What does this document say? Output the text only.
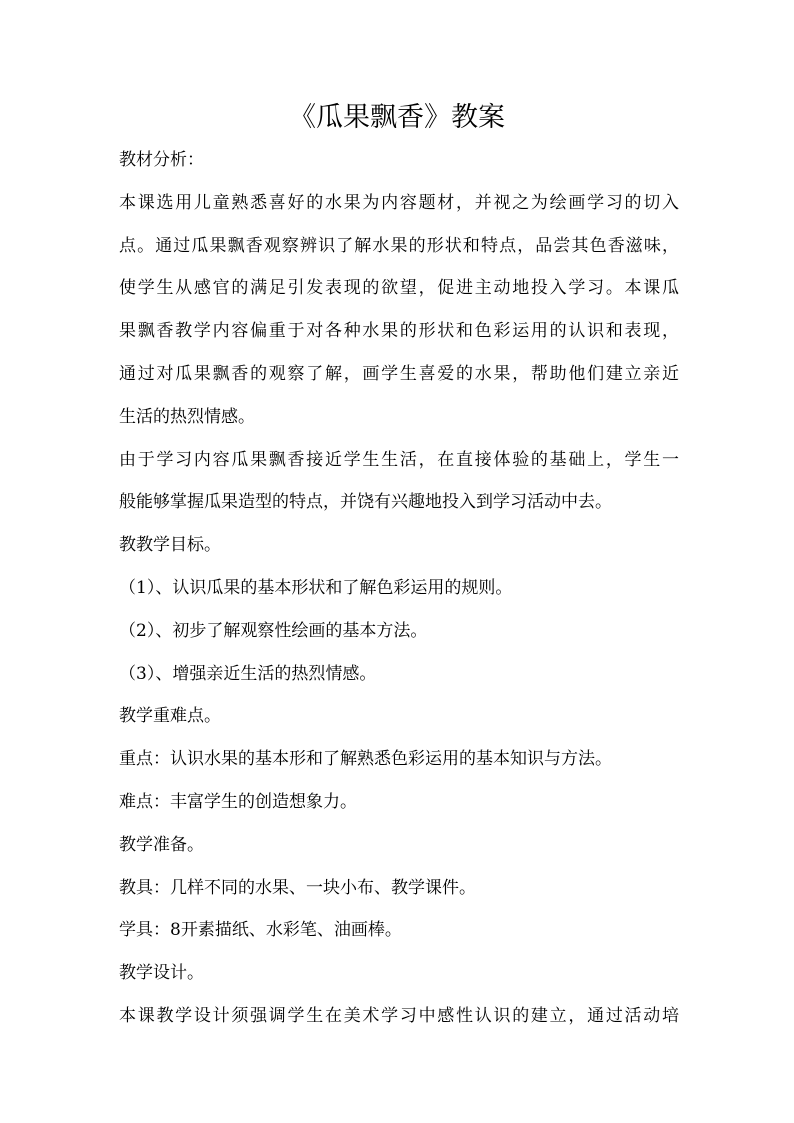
《瓜果飘香》教案
教材分析：
本课选用儿童熟悉喜好的水果为内容题材，并视之为绘画学习的切入
点。通过瓜果飘香观察辨识了解水果的形状和特点，品尝其色香滋味，
使学生从感官的满足引发表现的欲望，促进主动地投入学习。本课瓜
果飘香教学内容偏重于对各种水果的形状和色彩运用的认识和表现，
通过对瓜果飘香的观察了解，画学生喜爱的水果，帮助他们建立亲近
生活的热烈情感。
由于学习内容瓜果飘香接近学生生活，在直接体验的基础上，学生一
般能够掌握瓜果造型的特点，并饶有兴趣地投入到学习活动中去。
教教学目标。
（1）、认识瓜果的基本形状和了解色彩运用的规则。
（2）、初步了解观察性绘画的基本方法。
（3）、增强亲近生活的热烈情感。
教学重难点。
重点：认识水果的基本形和了解熟悉色彩运用的基本知识与方法。
难点：丰富学生的创造想象力。
教学准备。
教具：几样不同的水果、一块小布、教学课件。
学具：8开素描纸、水彩笔、油画棒。
教学设计。
本课教学设计须强调学生在美术学习中感性认识的建立，通过活动培
